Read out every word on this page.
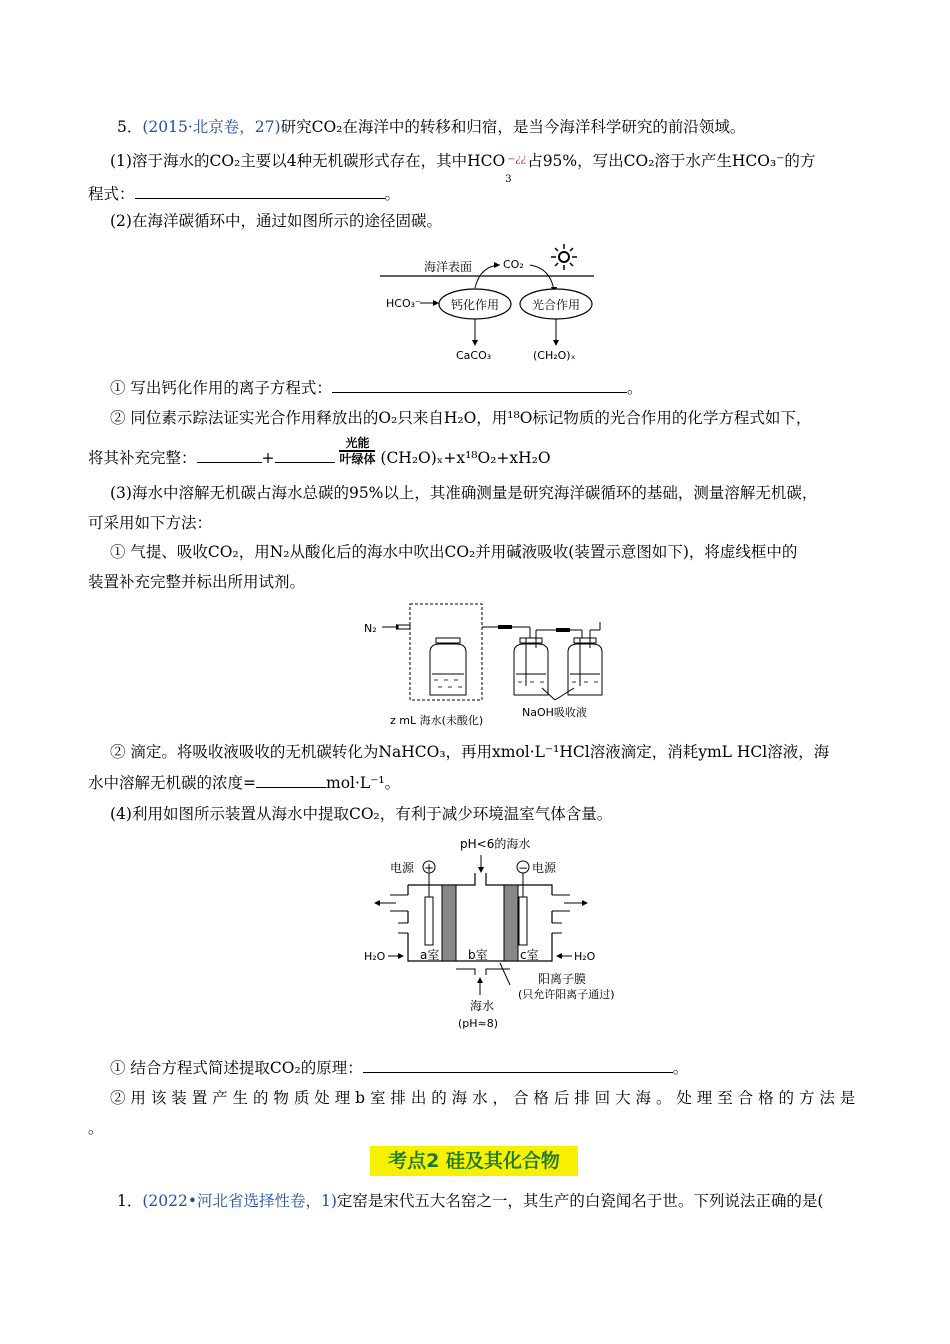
5．(2015·北京卷，27)研究CO₂在海洋中的转移和归宿，是当今海洋科学研究的前沿领域。
(1)溶于海水的CO₂主要以4种无机碳形式存在，其中HCO −¿¿
3
占95%，写出CO₂溶于水产生HCO₃⁻的方
程式：	。
(2)在海洋碳循环中，通过如图所示的途径固碳。
海洋表面	CO₂
HCO₃⁻	钙化作用	光合作用
CaCO₃	(CH₂O)ₓ
① 写出钙化作用的离子方程式：	。
② 同位素示踪法证实光合作用释放出的O₂只来自H₂O，用¹⁸O标记物质的光合作用的化学方程式如下，
将其补充完整：	+	$\frac{\text{光能}}{\text{叶绿体}} (CH_2O)_x+x^{18}O_2+xH_2O$
(3)海水中溶解无机碳占海水总碳的95%以上，其准确测量是研究海洋碳循环的基础，测量溶解无机碳，
可采用如下方法：
① 气提、吸收CO₂，用N₂从酸化后的海水中吹出CO₂并用碱液吸收(装置示意图如下)，将虚线框中的
装置补充完整并标出所用试剂。
N₂
z mL 海水(未酸化)
NaOH吸收液
② 滴定。将吸收液吸收的无机碳转化为NaHCO₃，再用xmol·L⁻¹HCl溶液滴定，消耗ymL HCl溶液，海
水中溶解无机碳的浓度=	mol·L⁻¹。
(4)利用如图所示装置从海水中提取CO₂，有利于减少环境温室气体含量。
pH<6的海水
电源 +	− 电源
H₂O	H₂O
a室 b室	c室
阳离子膜
(只允许阳离子通过)
海水
(pH≈8)
① 结合方程式简述提取CO₂的原理：	。
② 用 该 装 置 产 生 的 物 质 处 理 b 室 排 出 的 海 水 ， 合 格 后 排 回 大 海 。 处 理 至 合 格 的 方 法 是
。
考点2 硅及其化合物
1．(2022•河北省选择性卷，1)定窑是宋代五大名窑之一，其生产的白瓷闻名于世。下列说法正确的是(
